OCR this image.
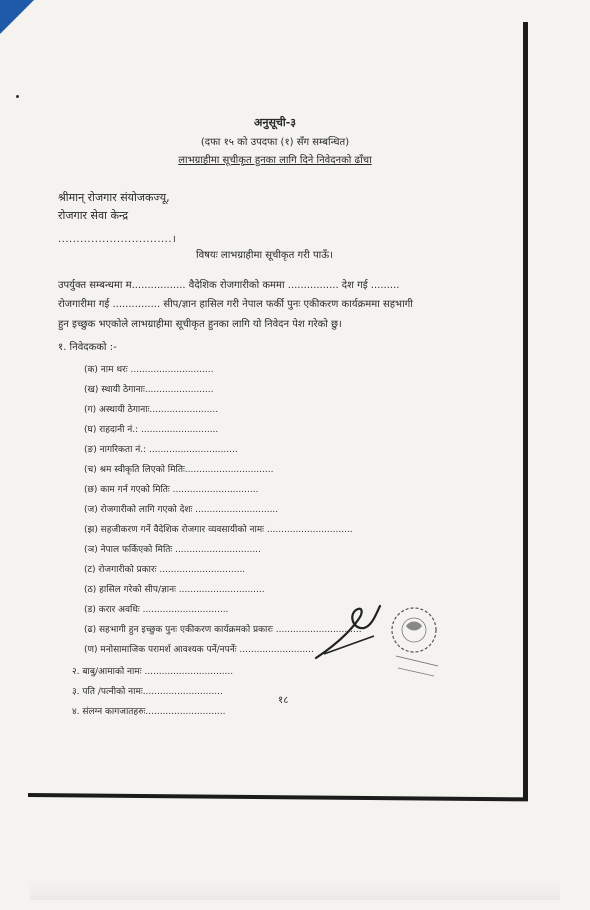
अनुसूची-३
(दफा १५ को उपदफा (१) सँग सम्बन्धित)
लाभग्राहीमा सूचीकृत हुनका लागि दिने निवेदनको ढाँचा
श्रीमान् रोजगार संयोजकज्यू,
रोजगार सेवा केन्द्र
...............................।
विषयः लाभग्राहीमा सूचीकृत गरी पाऊँ।
उपर्युक्त सम्बन्धमा म................. वैदेशिक रोजगारीको कममा ................ देश गई .........
रोजगारीमा गई ............... सीप/ज्ञान हासिल गरी नेपाल फर्की पुनः एकीकरण कार्यक्रममा सहभागी
हुन इच्छुक भएकोले लाभग्राहीमा सूचीकृत हुनका लागि यो निवेदन पेश गरेको छु।
१. निवेदकको :-
(क) नाम थरः .............................
(ख) स्थायी ठेगानाः........................
(ग) अस्थायी ठेगानाः........................
(घ) राहदानी नं.: ...........................
(ङ) नागरिकता नं.: ...............................
(च) श्रम स्वीकृति लिएको मितिः...............................
(छ) काम गर्न गएको मितिः ..............................
(ज) रोजगारीको लागि गएको देशः .............................
(झ) सहजीकरण गर्ने वैदेशिक रोजगार व्यवसायीको नामः ..............................
(ञ) नेपाल फर्किएको मितिः ..............................
(ट) रोजगारीको प्रकारः ..............................
(ठ) हासिल गरेको सीप/ज्ञानः ..............................
(ड) करार अवधिः ..............................
(ढ) सहभागी हुन इच्छुक पुनः एकीकरण कार्यक्रमको प्रकारः ..............................
(ण) मनोसामाजिक परामर्श आवश्यक पर्ने/नपर्नेः ..........................
२. बाबु/आमाको नामः ...............................
३. पति /पत्नीको नामः............................
४. संलग्न कागजातहरुः............................
१८
